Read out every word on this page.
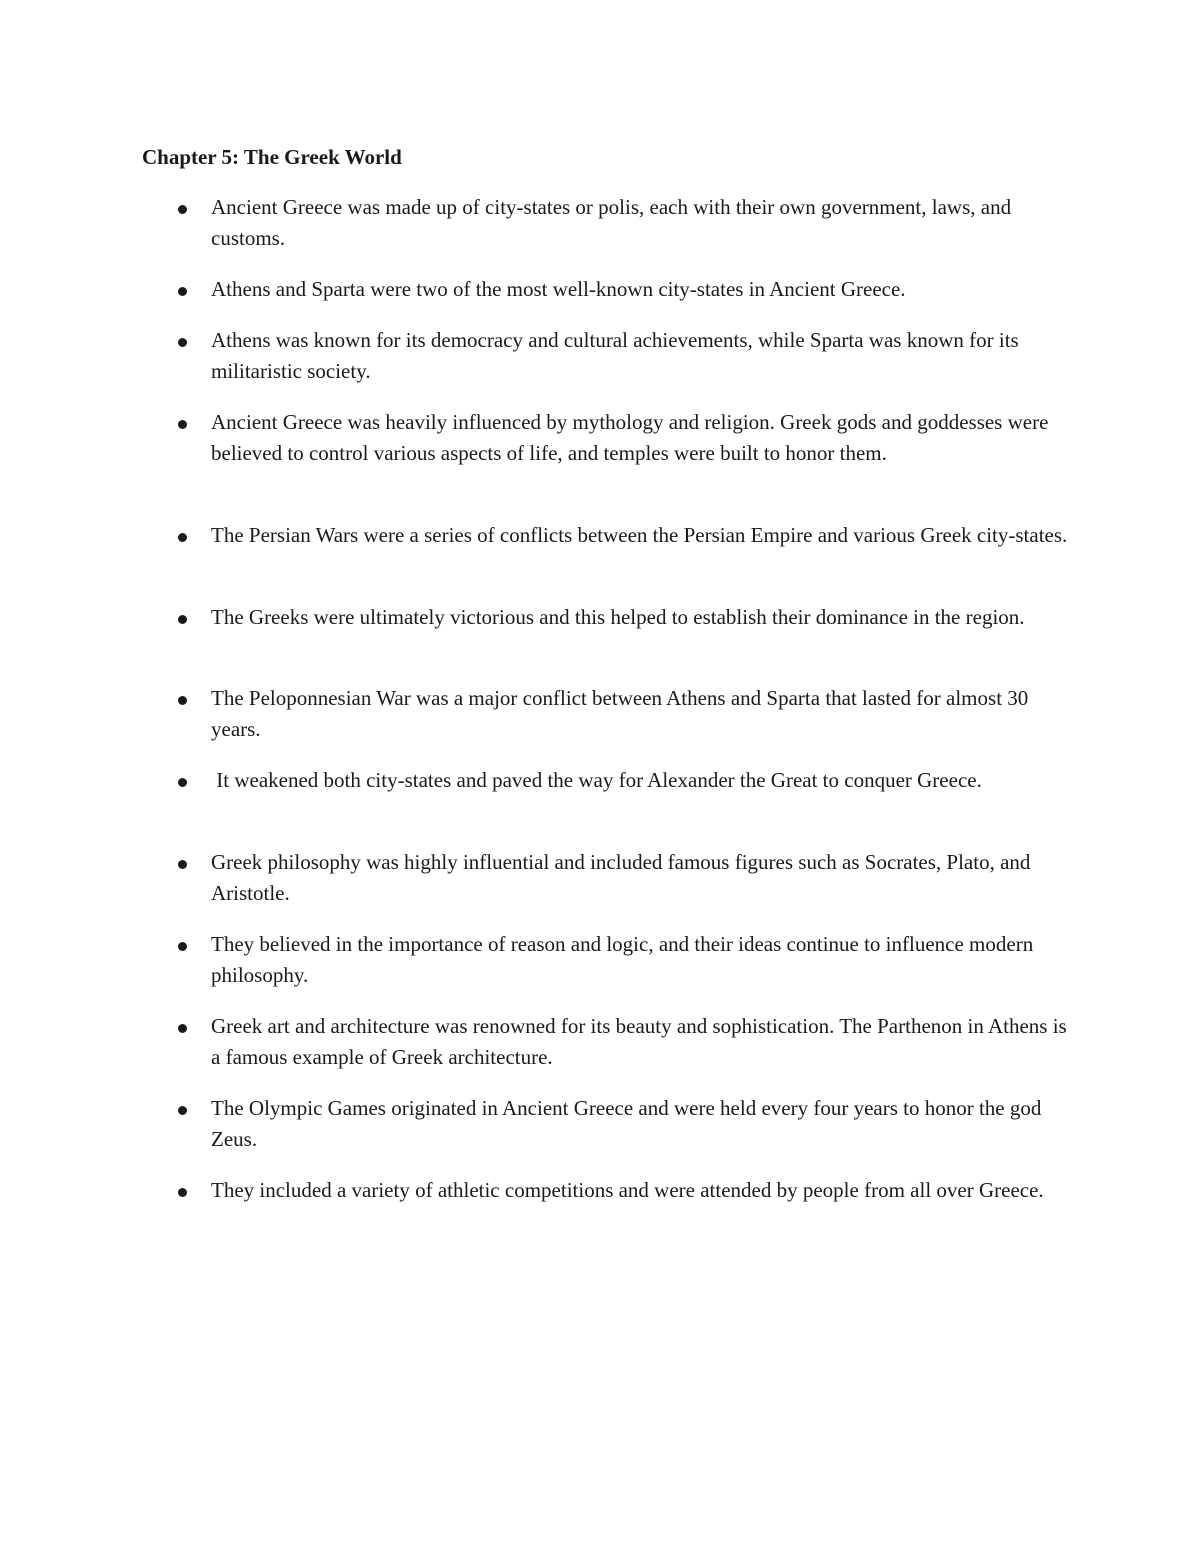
Chapter 5: The Greek World

Ancient Greece was made up of city-states or polis, each with their own government, laws, and customs.

Athens and Sparta were two of the most well-known city-states in Ancient Greece.

Athens was known for its democracy and cultural achievements, while Sparta was known for its militaristic society.

Ancient Greece was heavily influenced by mythology and religion. Greek gods and goddesses were believed to control various aspects of life, and temples were built to honor them.

The Persian Wars were a series of conflicts between the Persian Empire and various Greek city-states.

The Greeks were ultimately victorious and this helped to establish their dominance in the region.

The Peloponnesian War was a major conflict between Athens and Sparta that lasted for almost 30 years.

It weakened both city-states and paved the way for Alexander the Great to conquer Greece.

Greek philosophy was highly influential and included famous figures such as Socrates, Plato, and Aristotle.

They believed in the importance of reason and logic, and their ideas continue to influence modern philosophy.

Greek art and architecture was renowned for its beauty and sophistication. The Parthenon in Athens is a famous example of Greek architecture.

The Olympic Games originated in Ancient Greece and were held every four years to honor the god Zeus.

They included a variety of athletic competitions and were attended by people from all over Greece.
